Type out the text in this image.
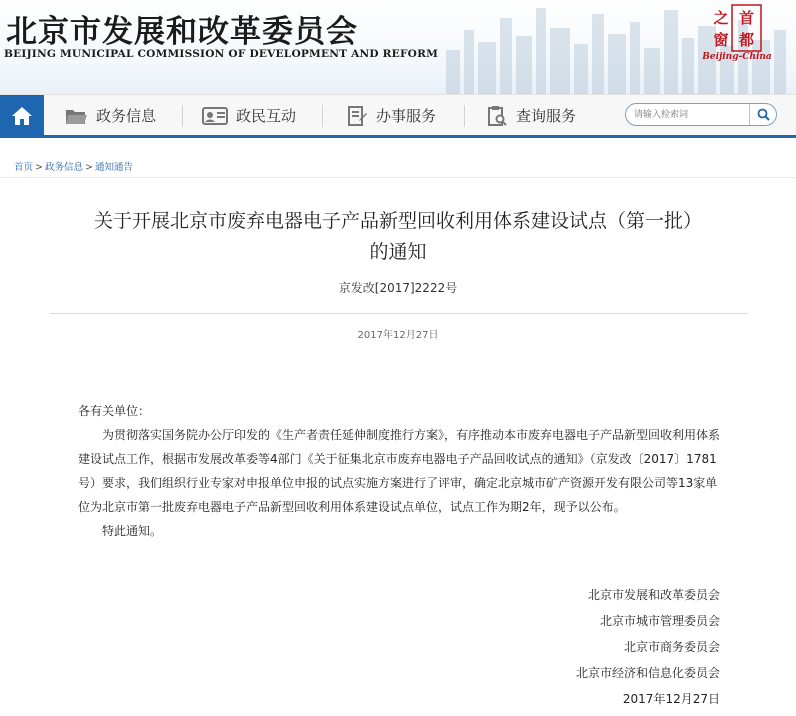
北京市发展和改革委员会
BEIJING MUNICIPAL COMMISSION OF DEVELOPMENT AND REFORM
首
都
之
窗
Beijing-China
政务信息	政民互动	办事服务	查询服务
请输入检索词
首页 > 政务信息 > 通知通告
关于开展北京市废弃电器电子产品新型回收利用体系建设试点（第一批）的通知
京发改[2017]2222号
2017年12月27日

各有关单位：

为贯彻落实国务院办公厅印发的《生产者责任延伸制度推行方案》，有序推动本市废弃电器电子产品新型回收利用体系建设试点工作，根据市发展改革委等4部门《关于征集北京市废弃电器电子产品回收试点的通知》（京发改〔2017〕1781号）要求，我们组织行业专家对申报单位申报的试点实施方案进行了评审，确定北京城市矿产资源开发有限公司等13家单位为北京市第一批废弃电器电子产品新型回收利用体系建设试点单位，试点工作为期2年，现予以公布。

特此通知。

北京市发展和改革委员会
北京市城市管理委员会
北京市商务委员会
北京市经济和信息化委员会
2017年12月27日
